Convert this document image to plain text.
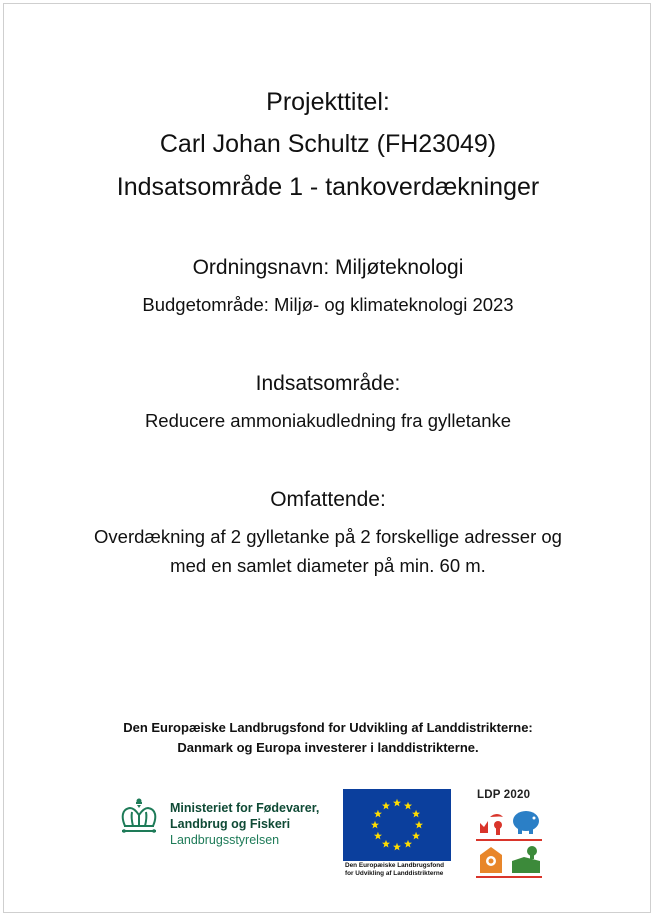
Projekttitel:
Carl Johan Schultz (FH23049)
Indsatsområde 1 - tankoverdækninger
Ordningsnavn: Miljøteknologi
Budgetområde: Miljø- og klimateknologi 2023
Indsatsområde:
Reducere ammoniakudledning fra gylletanke
Omfattende:
Overdækning af 2 gylletanke på 2 forskellige adresser og
med en samlet diameter på min. 60 m.
Den Europæiske Landbrugsfond for Udvikling af Landdistrikterne:
Danmark og Europa investerer i landdistrikterne.
Ministeriet for Fødevarer,
Landbrug og Fiskeri
Landbrugsstyrelsen
Den Europæiske Landbrugsfond
for Udvikling af Landdistrikterne
LDP 2020
